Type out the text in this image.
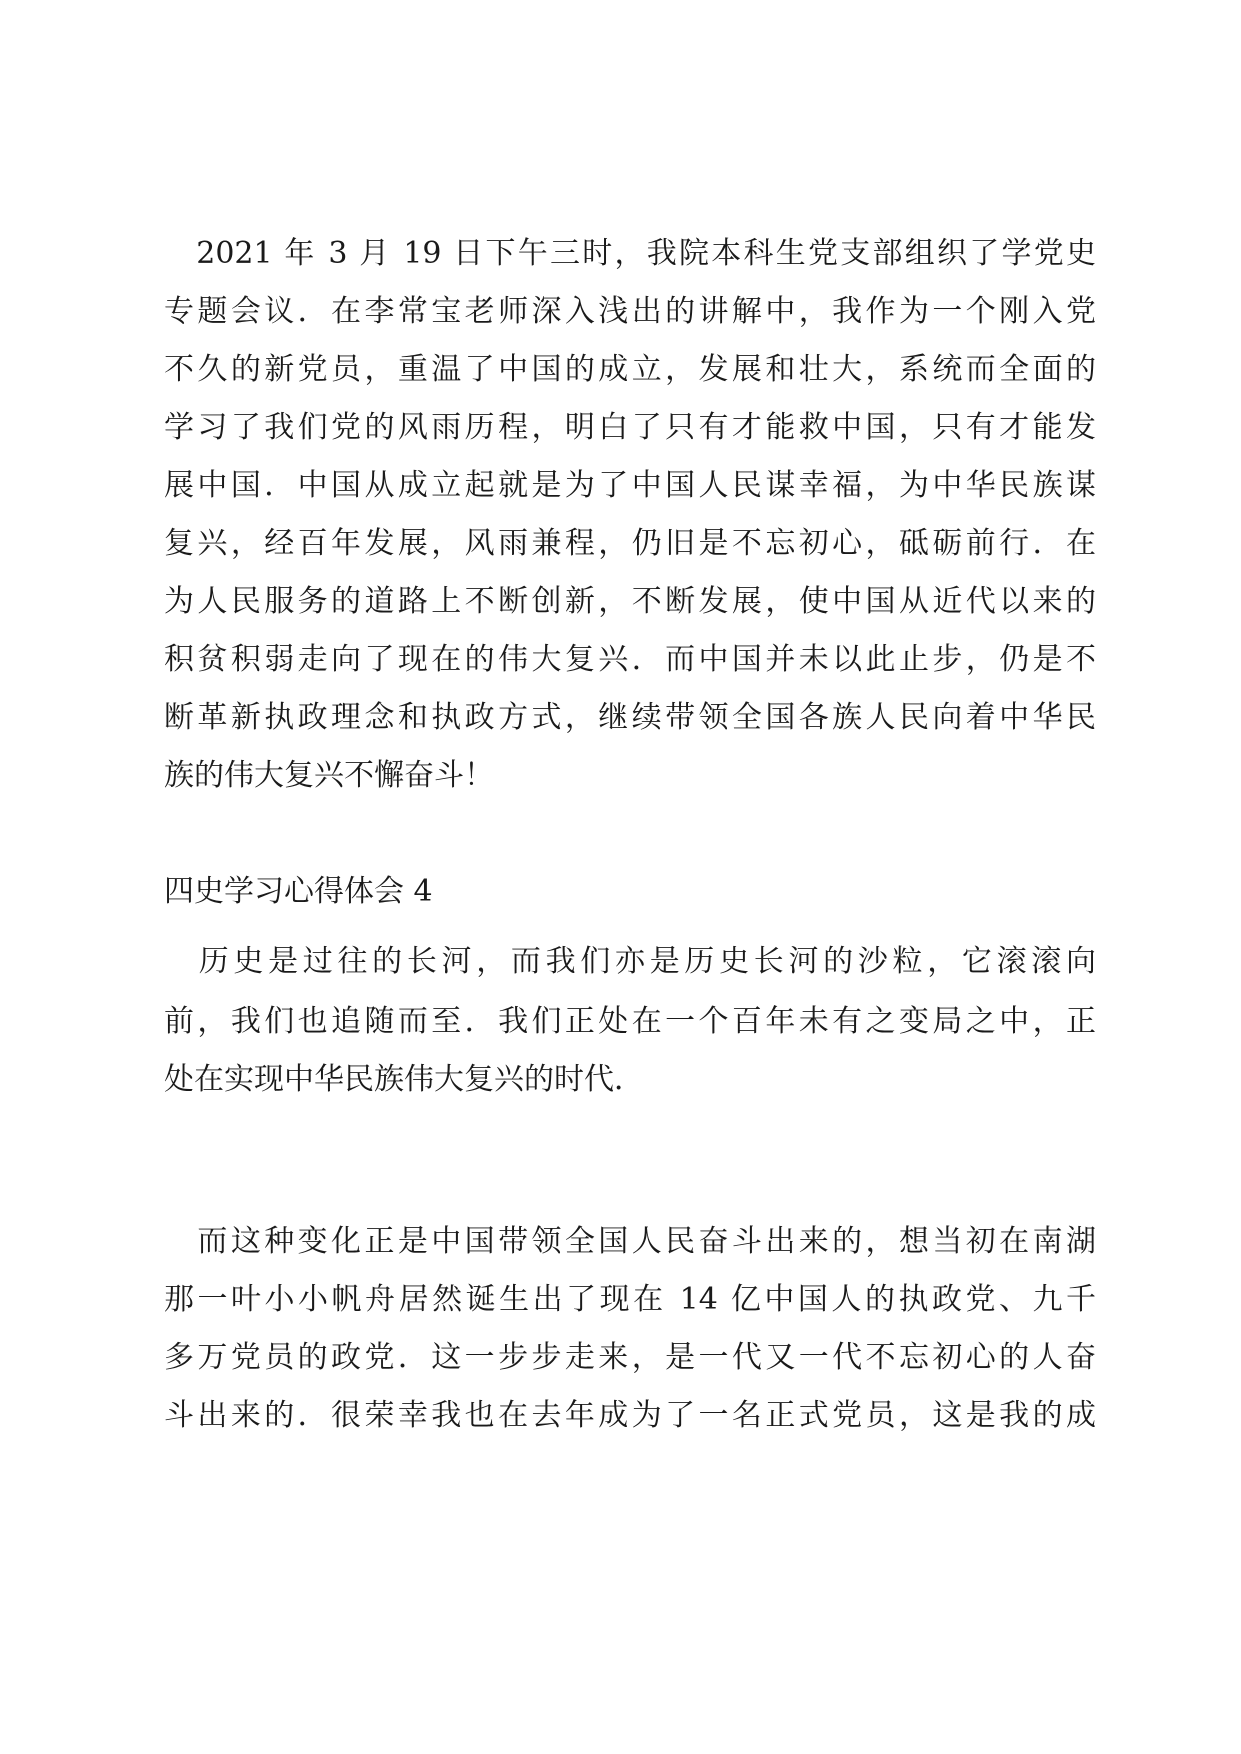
　2021 年 3 月 19 日下午三时，我院本科生党支部组织了学党史
专题会议．在李常宝老师深入浅出的讲解中，我作为一个刚入党
不久的新党员，重温了中国的成立，发展和壮大，系统而全面的
学习了我们党的风雨历程，明白了只有才能救中国，只有才能发
展中国．中国从成立起就是为了中国人民谋幸福，为中华民族谋
复兴，经百年发展，风雨兼程，仍旧是不忘初心，砥砺前行．在
为人民服务的道路上不断创新，不断发展，使中国从近代以来的
积贫积弱走向了现在的伟大复兴．而中国并未以此止步，仍是不
断革新执政理念和执政方式，继续带领全国各族人民向着中华民
族的伟大复兴不懈奋斗！
四史学习心得体会 4
　历史是过往的长河，而我们亦是历史长河的沙粒，它滚滚向
前，我们也追随而至．我们正处在一个百年未有之变局之中，正
处在实现中华民族伟大复兴的时代．
　而这种变化正是中国带领全国人民奋斗出来的，想当初在南湖
那一叶小小帆舟居然诞生出了现在 14 亿中国人的执政党、九千
多万党员的政党．这一步步走来，是一代又一代不忘初心的人奋
斗出来的．很荣幸我也在去年成为了一名正式党员，这是我的成
